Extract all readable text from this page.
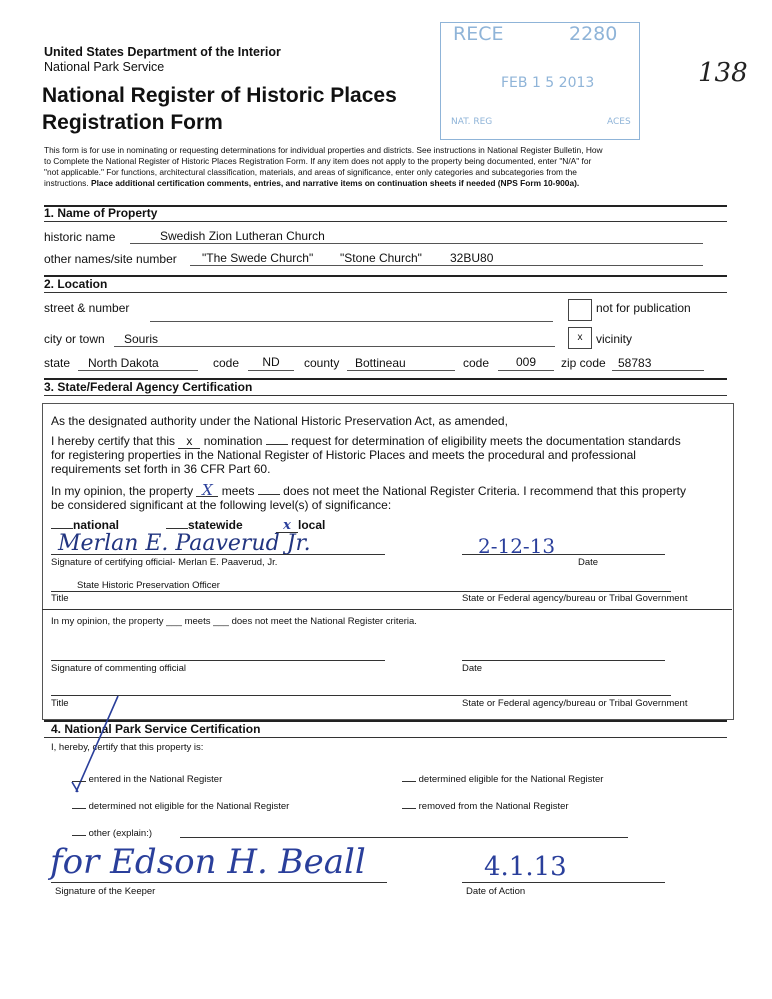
United States Department of the Interior
National Park Service
National Register of Historic Places
Registration Form
138
RECE	2280
FEB 1 5 2013
NAT. REG	ACES
This form is for use in nominating or requesting determinations for individual properties and districts. See instructions in National Register Bulletin, How
to Complete the National Register of Historic Places Registration Form. If any item does not apply to the property being documented, enter "N/A" for
"not applicable." For functions, architectural classification, materials, and areas of significance, enter only categories and subcategories from the
instructions. Place additional certification comments, entries, and narrative items on continuation sheets if needed (NPS Form 10-900a).
1. Name of Property
historic name	Swedish Zion Lutheran Church
other names/site number "The Swede Church" "Stone Church" 32BU80
2. Location
street & number	not for publication
city or town Souris	x	vicinity
state North Dakota	code	ND	county Bottineau	code	009	zip code 58783
3. State/Federal Agency Certification
As the designated authority under the National Historic Preservation Act, as amended,
I hereby certify that this x nomination request for determination of eligibility meets the documentation standards
for registering properties in the National Register of Historic Places and meets the procedural and professional
requirements set forth in 36 CFR Part 60.
In my opinion, the property X meets does not meet the National Register Criteria. I recommend that this property
be considered significant at the following level(s) of significance:
national	statewide	x local
Merlan E. Paaverud Jr.
Signature of certifying official- Merlan E. Paaverud, Jr.
2-12-13
Date
State Historic Preservation Officer
Title	State or Federal agency/bureau or Tribal Government
In my opinion, the property ___ meets ___ does not meet the National Register criteria.
Signature of commenting official	Date
Title	State or Federal agency/bureau or Tribal Government
4. National Park Service Certification
I, hereby, certify that this property is:
entered in the National Register	determined eligible for the National Register
determined not eligible for the National Register	removed from the National Register
other (explain:)
for Edson H. Beall
Signature of the Keeper
4.1.13
Date of Action
